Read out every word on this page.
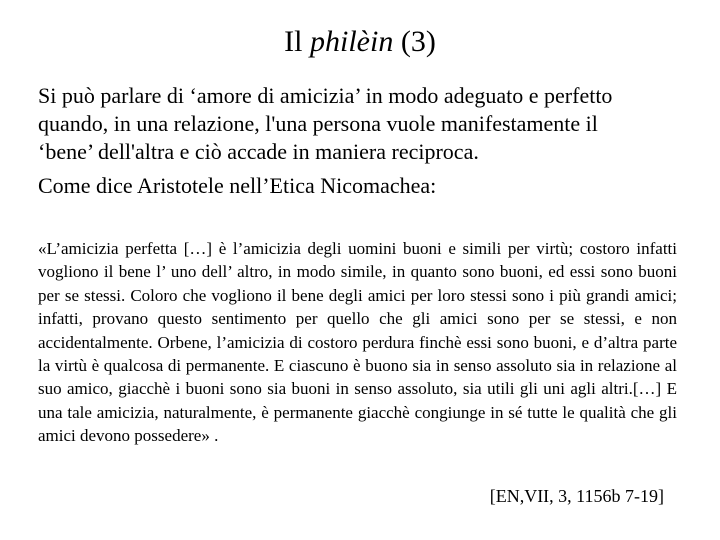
Il philèin (3)
Si può parlare di ‘amore di amicizia’ in modo adeguato e perfetto
quando, in una relazione, l'una persona vuole manifestamente il
‘bene’ dell'altra e ciò accade in maniera reciproca.
Come dice Aristotele nell’Etica Nicomachea:
«L’amicizia perfetta […] è l’amicizia degli uomini buoni e simili per virtù; costoro infatti vogliono il bene l’ uno dell’ altro, in modo simile, in quanto sono buoni, ed essi sono buoni per se stessi. Coloro che vogliono il bene degli amici per loro stessi sono i più grandi amici; infatti, provano questo sentimento per quello che gli amici sono per se stessi, e non accidentalmente. Orbene, l’amicizia di costoro perdura finchè essi sono buoni, e d’altra parte la virtù è qualcosa di permanente. E ciascuno è buono sia in senso assoluto sia in relazione al suo amico, giacchè i buoni sono sia buoni in senso assoluto, sia utili gli uni agli altri.[…] E una tale amicizia, naturalmente, è permanente giacchè congiunge in sé tutte le qualità che gli amici devono possedere» .
[EN,VII, 3, 1156b 7-19]
